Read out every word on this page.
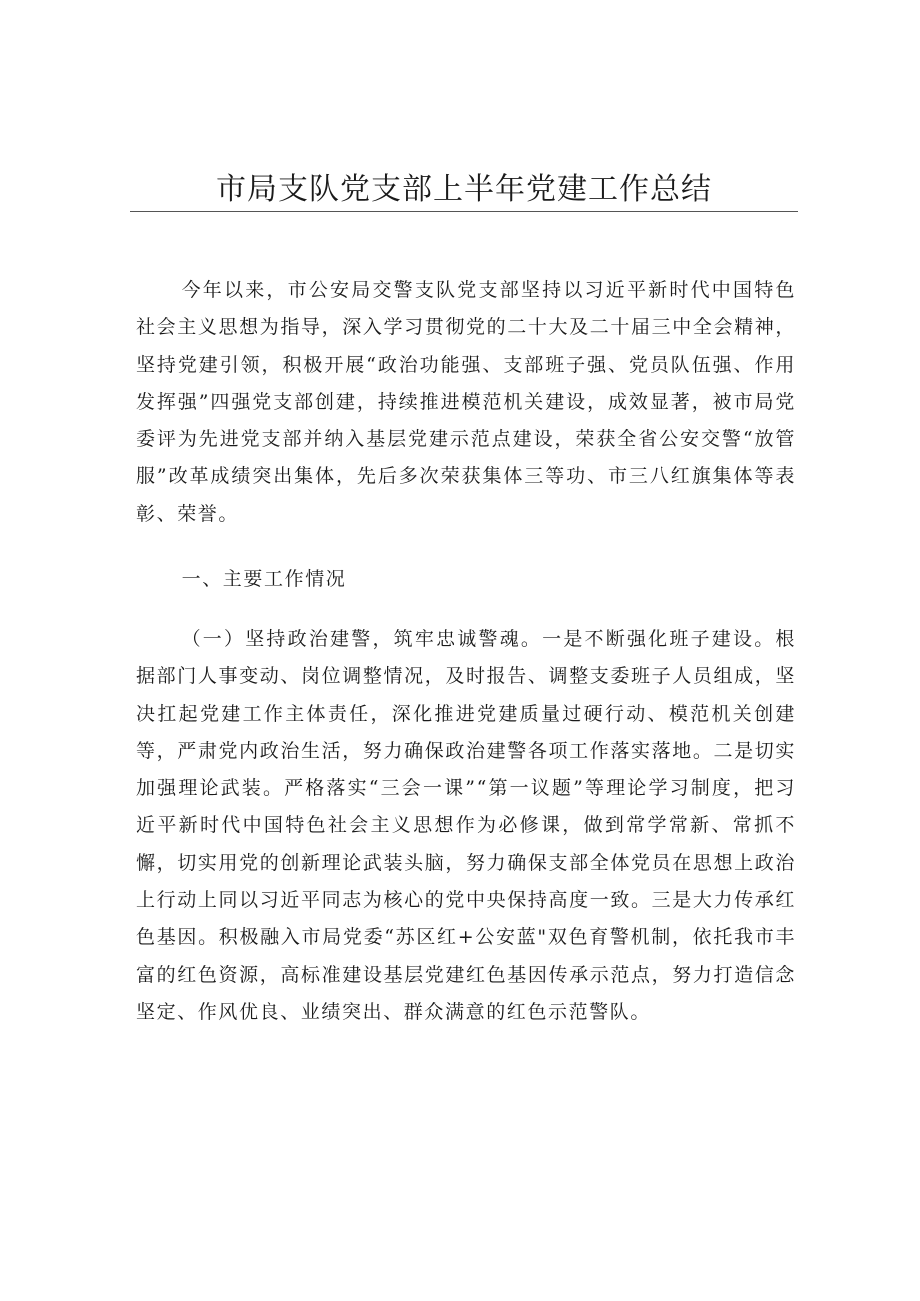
市局支队党支部上半年党建工作总结

今年以来，市公安局交警支队党支部坚持以习近平新时代中国特色社会主义思想为指导，深入学习贯彻党的二十大及二十届三中全会精神，坚持党建引领，积极开展“政治功能强、支部班子强、党员队伍强、作用发挥强”四强党支部创建，持续推进模范机关建设，成效显著，被市局党委评为先进党支部并纳入基层党建示范点建设，荣获全省公安交警“放管服”改革成绩突出集体，先后多次荣获集体三等功、市三八红旗集体等表彰、荣誉。

一、主要工作情况

（一）坚持政治建警，筑牢忠诚警魂。一是不断强化班子建设。根据部门人事变动、岗位调整情况，及时报告、调整支委班子人员组成，坚决扛起党建工作主体责任，深化推进党建质量过硬行动、模范机关创建等，严肃党内政治生活，努力确保政治建警各项工作落实落地。二是切实加强理论武装。严格落实“三会一课”“第一议题”等理论学习制度，把习近平新时代中国特色社会主义思想作为必修课，做到常学常新、常抓不懈，切实用党的创新理论武装头脑，努力确保支部全体党员在思想上政治上行动上同以习近平同志为核心的党中央保持高度一致。三是大力传承红色基因。积极融入市局党委“苏区红+公安蓝"双色育警机制，依托我市丰富的红色资源，高标准建设基层党建红色基因传承示范点，努力打造信念坚定、作风优良、业绩突出、群众满意的红色示范警队。
